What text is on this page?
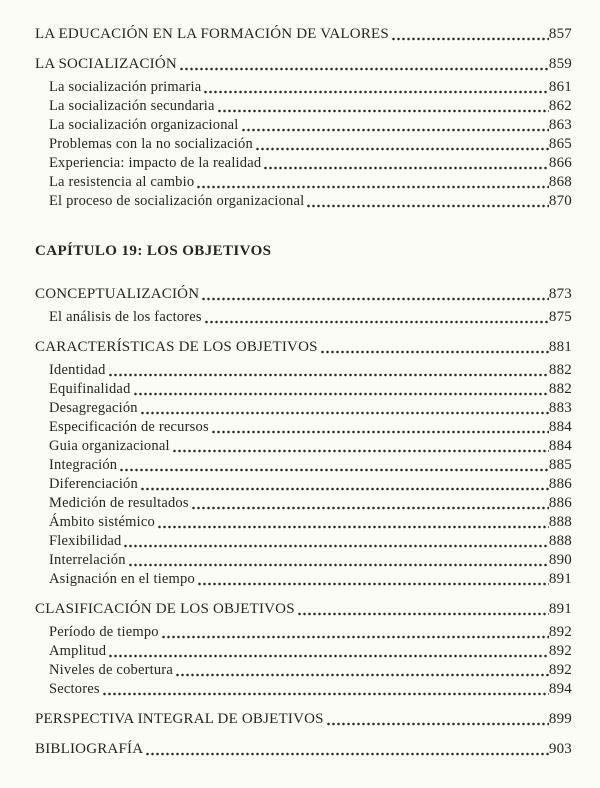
LA EDUCACIÓN EN LA FORMACIÓN DE VALORES	857
LA SOCIALIZACIÓN	859
La socialización primaria	861
La socialización secundaria	862
La socialización organizacional	863
Problemas con la no socialización	865
Experiencia: impacto de la realidad	866
La resistencia al cambio	868
El proceso de socialización organizacional	870
CAPÍTULO 19: LOS OBJETIVOS
CONCEPTUALIZACIÓN	873
El análisis de los factores	875
CARACTERÍSTICAS DE LOS OBJETIVOS	881
Identidad	882
Equifinalidad	882
Desagregación	883
Especificación de recursos	884
Guia organizacional	884
Integración	885
Diferenciación	886
Medición de resultados	886
Ámbito sistémico	888
Flexibilidad	888
Interrelación	890
Asignación en el tiempo	891
CLASIFICACIÓN DE LOS OBJETIVOS	891
Período de tiempo	892
Amplitud	892
Niveles de cobertura	892
Sectores	894
PERSPECTIVA INTEGRAL DE OBJETIVOS	899
BIBLIOGRAFÍA	903
